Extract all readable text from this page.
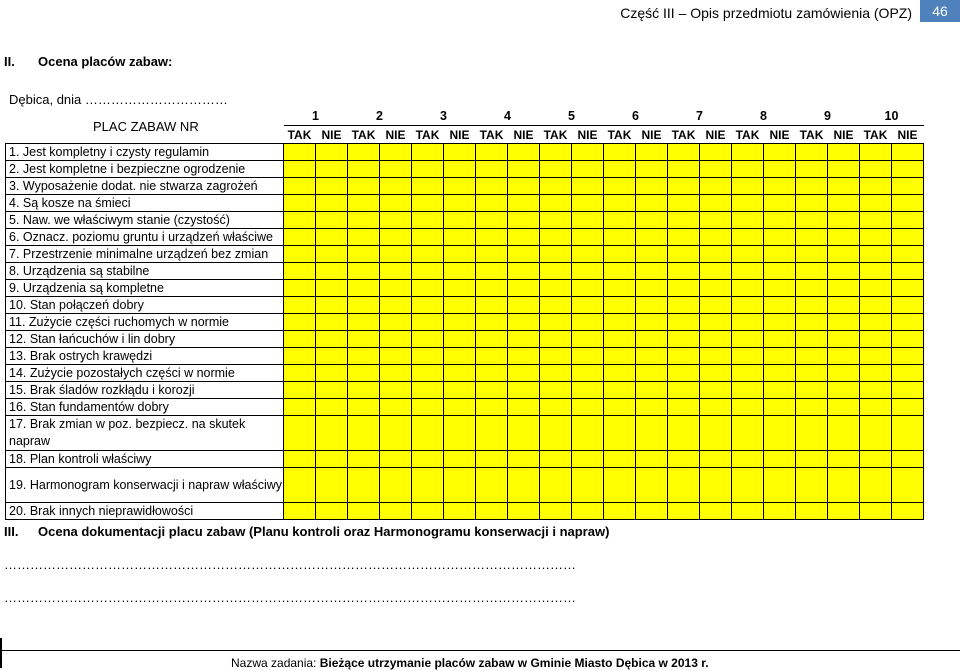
Część III – Opis przedmiotu zamówienia (OPZ)	46
II. Ocena placów zabaw:
Dębica, dnia ……………………………
PLAC ZABAW NR
	1		2		3		4		5		6		7		8		9		10	
	TAK	NIE	TAK	NIE	TAK	NIE	TAK	NIE	TAK	NIE	TAK	NIE	TAK	NIE	TAK	NIE	TAK	NIE	TAK	NIE
1. Jest kompletny i czysty regulamin																				
2. Jest kompletne i bezpieczne ogrodzenie																				
3. Wyposażenie dodat. nie stwarza zagrożeń																				
4. Są kosze na śmieci																				
5. Naw. we właściwym stanie (czystość)																				
6. Oznacz. poziomu gruntu i urządzeń właściwe																				
7. Przestrzenie minimalne urządzeń bez zmian																				
8. Urządzenia są stabilne																				
9. Urządzenia są kompletne																				
10. Stan połączeń dobry																				
11. Zużycie części ruchomych w normie																				
12. Stan łańcuchów i lin dobry																				
13. Brak ostrych krawędzi																				
14. Zużycie pozostałych części w normie																				
15. Brak śladów rozkłądu i korozji																				
16. Stan fundamentów dobry																				
17. Brak zmian w poz. bezpiecz. na skutek napraw																				
18. Plan kontroli właściwy																				
19. Harmonogram konserwacji i napraw właściwy																				
20. Brak innych nieprawidłowości																				
III. Ocena dokumentacji placu zabaw (Planu kontroli oraz Harmonogramu konserwacji i napraw)
……………………………………………………………………………………………………………………
……………………………………………………………………………………………………………………
Nazwa zadania: Bieżące utrzymanie placów zabaw w Gminie Miasto Dębica w 2013 r.
